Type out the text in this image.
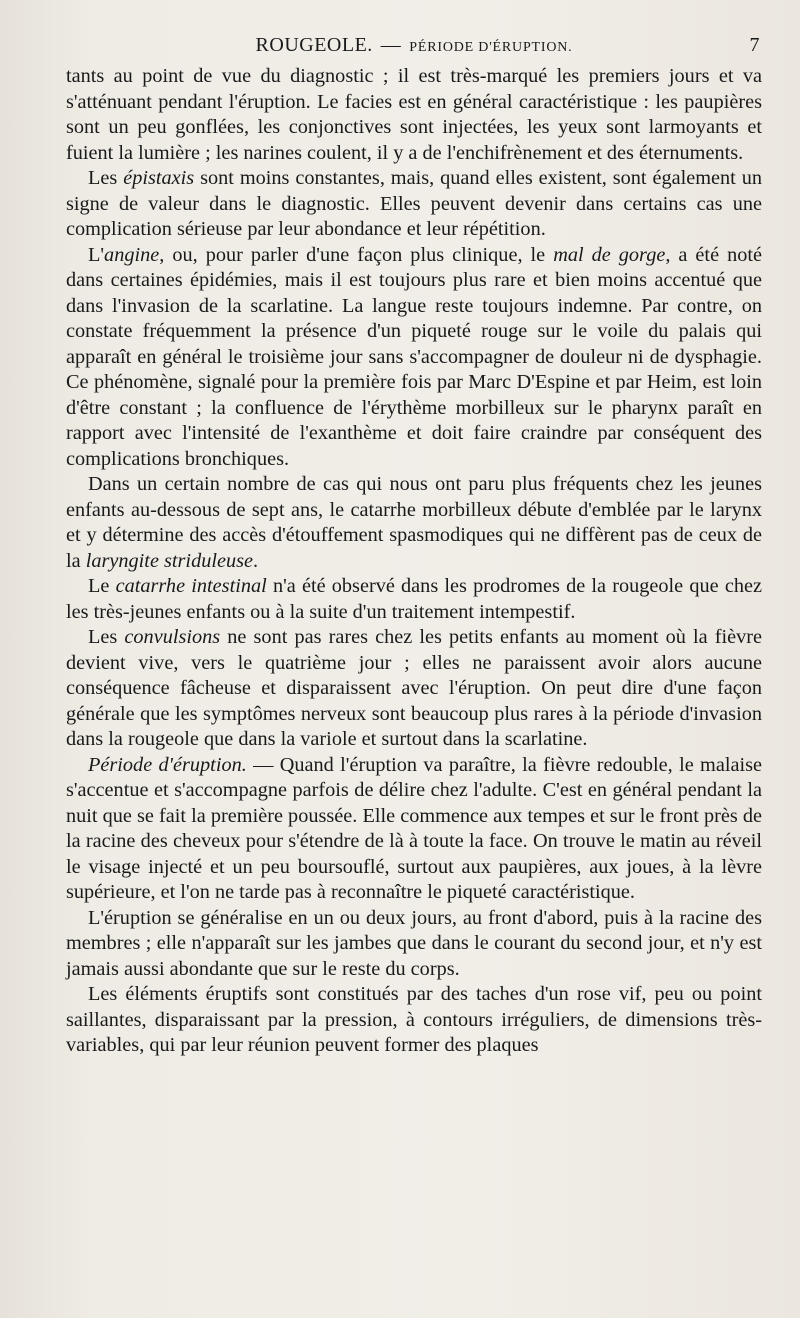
ROUGEOLE. — PÉRIODE D'ÉRUPTION.	7

tants au point de vue du diagnostic ; il est très-marqué les premiers jours et va s'atténuant pendant l'éruption. Le facies est en général caractéristique : les paupières sont un peu gonflées, les conjonctives sont injectées, les yeux sont larmoyants et fuient la lumière ; les narines coulent, il y a de l'enchifrènement et des éternuments.

Les épistaxis sont moins constantes, mais, quand elles existent, sont également un signe de valeur dans le diagnostic. Elles peuvent devenir dans certains cas une complication sérieuse par leur abondance et leur répétition.

L'angine, ou, pour parler d'une façon plus clinique, le mal de gorge, a été noté dans certaines épidémies, mais il est toujours plus rare et bien moins accentué que dans l'invasion de la scarlatine. La langue reste toujours indemne. Par contre, on constate fréquemment la présence d'un piqueté rouge sur le voile du palais qui apparaît en général le troisième jour sans s'accompagner de douleur ni de dysphagie. Ce phénomène, signalé pour la première fois par Marc D'Espine et par Heim, est loin d'être constant ; la confluence de l'érythème morbilleux sur le pharynx paraît en rapport avec l'intensité de l'exanthème et doit faire craindre par conséquent des complications bronchiques.

Dans un certain nombre de cas qui nous ont paru plus fréquents chez les jeunes enfants au-dessous de sept ans, le catarrhe morbilleux débute d'emblée par le larynx et y détermine des accès d'étouffement spasmodiques qui ne diffèrent pas de ceux de la laryngite striduleuse.

Le catarrhe intestinal n'a été observé dans les prodromes de la rougeole que chez les très-jeunes enfants ou à la suite d'un traitement intempestif.

Les convulsions ne sont pas rares chez les petits enfants au moment où la fièvre devient vive, vers le quatrième jour ; elles ne paraissent avoir alors aucune conséquence fâcheuse et disparaissent avec l'éruption. On peut dire d'une façon générale que les symptômes nerveux sont beaucoup plus rares à la période d'invasion dans la rougeole que dans la variole et surtout dans la scarlatine.

Période d'éruption. — Quand l'éruption va paraître, la fièvre redouble, le malaise s'accentue et s'accompagne parfois de délire chez l'adulte. C'est en général pendant la nuit que se fait la première poussée. Elle commence aux tempes et sur le front près de la racine des cheveux pour s'étendre de là à toute la face. On trouve le matin au réveil le visage injecté et un peu boursouflé, surtout aux paupières, aux joues, à la lèvre supérieure, et l'on ne tarde pas à reconnaître le piqueté caractéristique.

L'éruption se généralise en un ou deux jours, au front d'abord, puis à la racine des membres ; elle n'apparaît sur les jambes que dans le courant du second jour, et n'y est jamais aussi abondante que sur le reste du corps.

Les éléments éruptifs sont constitués par des taches d'un rose vif, peu ou point saillantes, disparaissant par la pression, à contours irréguliers, de dimensions très-variables, qui par leur réunion peuvent former des plaques
